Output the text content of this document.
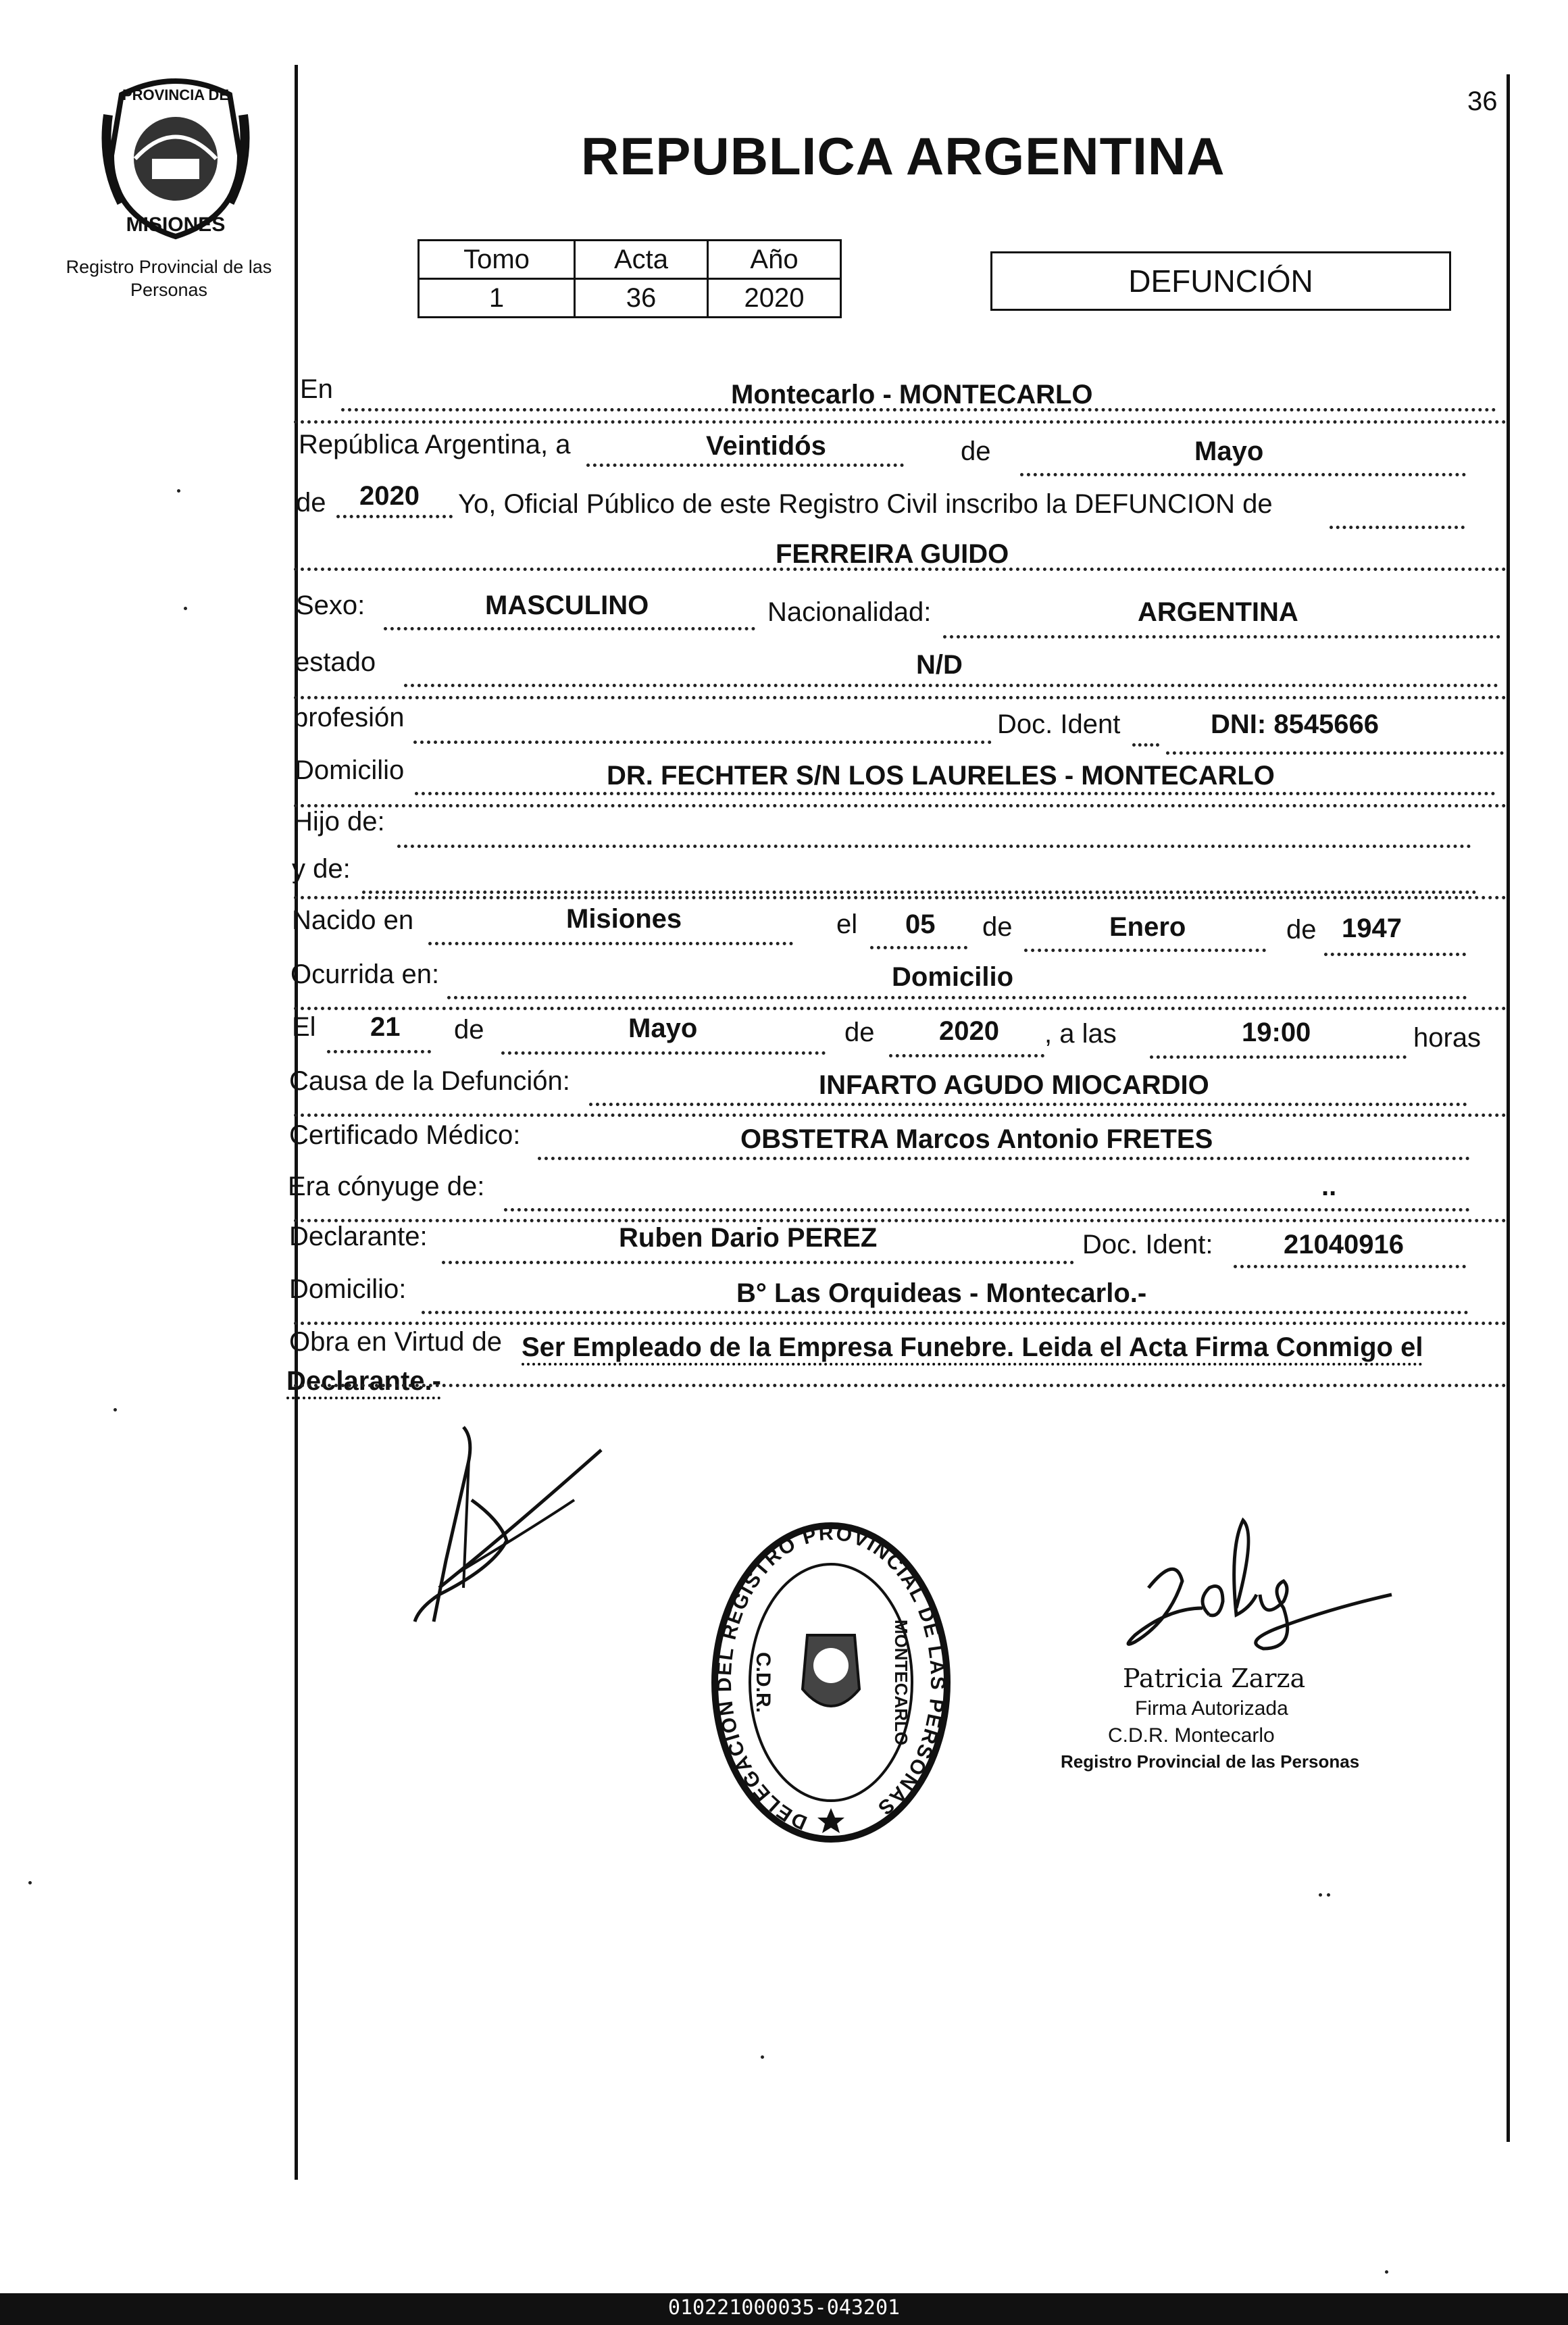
36
PROVINCIA DE
MISIONES
Registro Provincial de las Personas
REPUBLICA ARGENTINA
Tomo	Acta	Año
1	36	2020	DEFUNCIÓN
En	Montecarlo - MONTECARLO
República Argentina, a	Veintidós	de	Mayo
de 2020 Yo, Oficial Público de este Registro Civil inscribo la DEFUNCION de
FERREIRA GUIDO
Sexo:	MASCULINO	Nacionalidad:	ARGENTINA
estado	N/D
profesión	Doc. Ident	DNI: 8545666
Domicilio	DR. FECHTER S/N LOS LAURELES - MONTECARLO
Hijo de:
y de:
Nacido en	Misiones	el 05 de	Enero	de 1947
Ocurrida en:	Domicilio
El 21 de	Mayo	de 2020 , a las	19:00	horas
Causa de la Defunción:	INFARTO AGUDO MIOCARDIO
Certificado Médico:	OBSTETRA Marcos Antonio FRETES
Era cónyuge de:	..
Declarante:	Ruben Dario PEREZ	Doc. Ident:	21040916
Domicilio:	B° Las Orquideas - Montecarlo.-
Obra en Virtud de Ser Empleado de la Empresa Funebre. Leida el Acta Firma Conmigo el
Declarante.-
DELEGACION DEL REGISTRO PROVINCIAL DE LAS PERSONAS
C.D.R.	MONTECARLO	Patricia Zarza
Firma Autorizada
C.D.R. Montecarlo
Registro Provincial de las Personas
010221000035-043201
